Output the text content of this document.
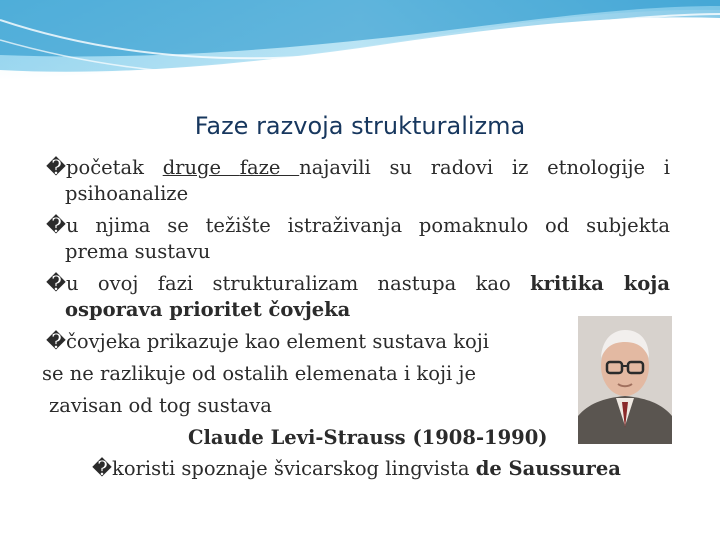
Faze razvoja strukturalizma
�početak druge faze najavili su radovi iz etnologije i
psihoanalize
�u njima se težište istraživanja pomaknulo od subjekta
prema sustavu
�u ovoj fazi strukturalizam nastupa kao kritika koja
osporava prioritet čovjeka
�čovjeka prikazuje kao element sustava koji
se ne razlikuje od ostalih elemenata i koji je
zavisan od tog sustava
Claude Levi-Strauss (1908-1990)
�koristi spoznaje švicarskog lingvista de Saussurea
